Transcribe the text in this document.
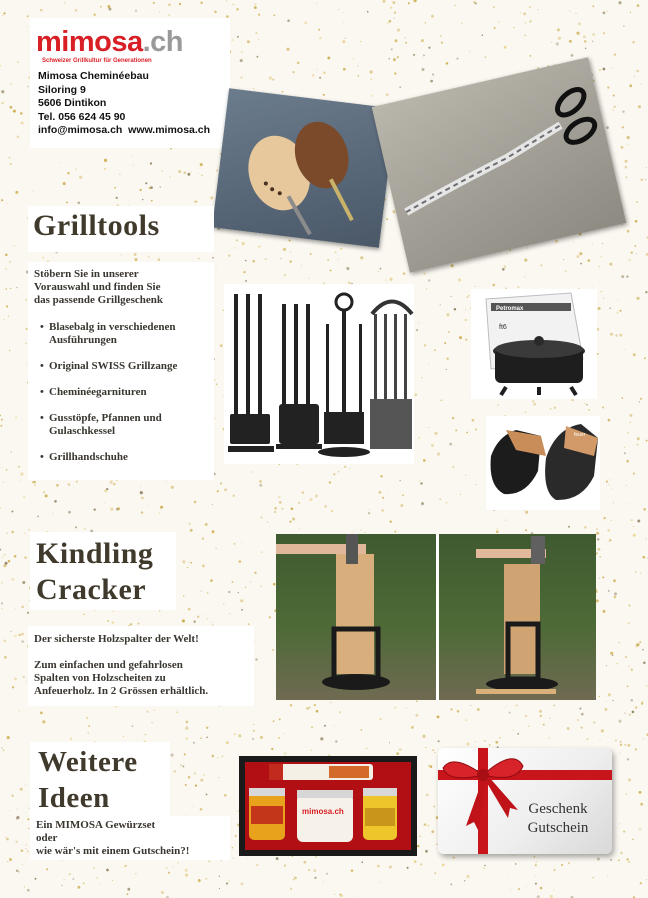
mimosa.ch
Schweizer Grillkultur für Generationen
Mimosa Cheminéebau
Siloring 9
5606 Dintikon
Tel. 056 624 45 90
info@mimosa.ch  www.mimosa.ch
Grilltools
Stöbern Sie in unserer
Vorauswahl und finden Sie
das passende Grillgeschenk
• Blasebalg in verschiedenen
Ausführungen
• Original SWISS Grillzange
• Cheminéegarnituren
• Gusstöpfe, Pfannen und
Gulaschkessel
• Grillhandschuhe
Petromax
ft6
feuer
Kindling
Cracker
Der sicherste Holzspalter der Welt!
Zum einfachen und gefahrlosen
Spalten von Holzscheiten zu
Anfeuerholz. In 2 Grössen erhältlich.
Weitere
Ideen
Ein MIMOSA Gewürzset
oder
wie wär's mit einem Gutschein?!
mimosa.ch	Geschenk
Gutschein
